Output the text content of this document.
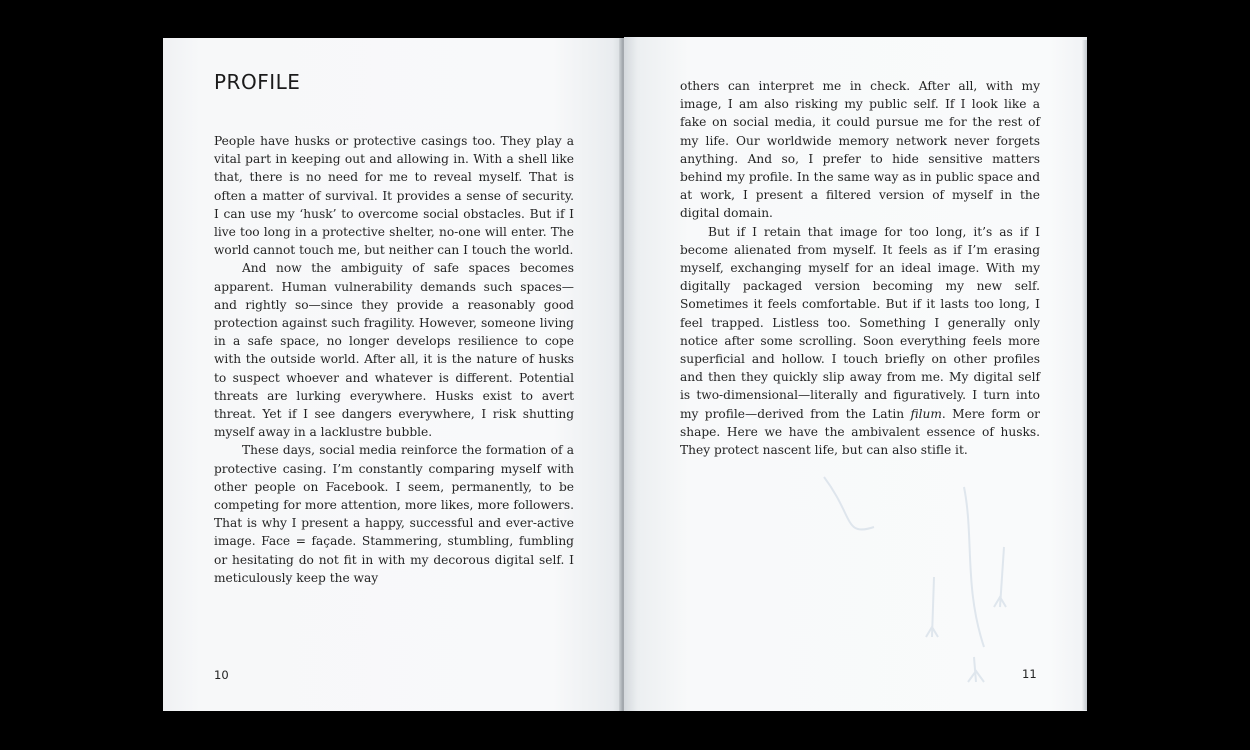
PROFILE

People have husks or protective casings too. They play a vital part in keeping out and allowing in. With a shell like that, there is no need for me to reveal myself. That is often a matter of survival. It provides a sense of security. I can use my ‘husk’ to overcome social obstacles. But if I live too long in a protective shelter, no-one will enter. The world cannot touch me, but neither can I touch the world.

And now the ambiguity of safe spaces becomes apparent. Human vulnerability demands such spaces—and rightly so—since they provide a reasonably good protection against such fragility. However, someone living in a safe space, no longer develops resilience to cope with the outside world. After all, it is the nature of husks to suspect whoever and whatever is different. Potential threats are lurking everywhere. Husks exist to avert threat. Yet if I see dangers everywhere, I risk shutting myself away in a lacklustre bubble.

These days, social media reinforce the formation of a protective casing. I’m constantly comparing myself with other people on Facebook. I seem, permanently, to be competing for more attention, more likes, more followers. That is why I present a happy, successful and ever-active image. Face = façade. Stammering, stumbling, fumbling or hesitating do not fit in with my decorous digital self. I meticulously keep the way

10

others can interpret me in check. After all, with my image, I am also risking my public self. If I look like a fake on social media, it could pursue me for the rest of my life. Our worldwide memory network never forgets anything. And so, I prefer to hide sensitive matters behind my profile. In the same way as in public space and at work, I present a filtered version of myself in the digital domain.

But if I retain that image for too long, it’s as if I become alienated from myself. It feels as if I’m erasing myself, exchanging myself for an ideal image. With my digitally packaged version becoming my new self. Sometimes it feels comfortable. But if it lasts too long, I feel trapped. Listless too. Something I generally only notice after some scrolling. Soon everything feels more superficial and hollow. I touch briefly on other profiles and then they quickly slip away from me. My digital self is two-dimensional—literally and figuratively. I turn into my profile—derived from the Latin filum. Mere form or shape. Here we have the ambivalent essence of husks. They protect nascent life, but can also stifle it.

11
